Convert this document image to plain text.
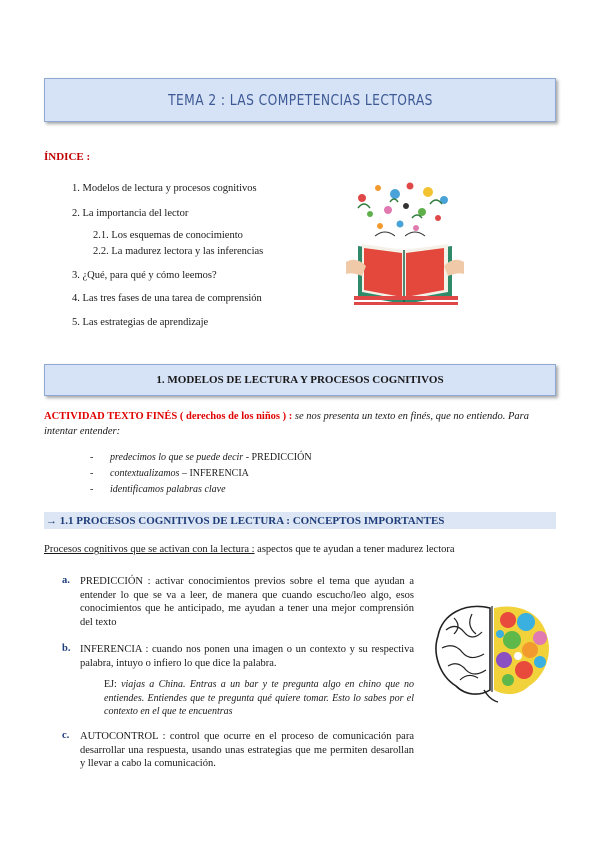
TEMA 2 : LAS COMPETENCIAS LECTORAS
ÍNDICE :
1. Modelos de lectura y procesos cognitivos
2. La importancia del lector
2.1. Los esquemas de conocimiento
2.2. La madurez lectora y las inferencias
3. ¿Qué, para qué y cómo leemos?
4. Las tres fases de una tarea de comprensión
5. Las estrategias de aprendizaje
1. MODELOS DE LECTURA Y PROCESOS COGNITIVOS
ACTIVIDAD TEXTO FINÉS ( derechos de los niños ) : se nos presenta un texto en finés, que no entiendo. Para intentar entender:
- predecimos lo que se puede decir - PREDICCIÓN
- contextualizamos – INFERENCIA
- identificamos palabras clave
→ 1.1 PROCESOS COGNITIVOS DE LECTURA : CONCEPTOS IMPORTANTES
Procesos cognitivos que se activan con la lectura : aspectos que te ayudan a tener madurez lectora
a. PREDICCIÓN : activar conocimientos previos sobre el tema que ayudan a entender lo que se va a leer, de manera que cuando escucho/leo algo, esos conocimientos que he anticipado, me ayudan a tener una mejor comprensión del texto
b. INFERENCIA : cuando nos ponen una imagen o un contexto y su respectiva palabra, intuyo o infiero lo que dice la palabra.
EJ: viajas a China. Entras a un bar y te pregunta algo en chino que no entiendes. Entiendes que te pregunta qué quiere tomar. Esto lo sabes por el contexto en el que te encuentras
c. AUTOCONTROL : control que ocurre en el proceso de comunicación para desarrollar una respuesta, usando unas estrategias que me permiten desarollan y llevar a cabo la comunicación.
